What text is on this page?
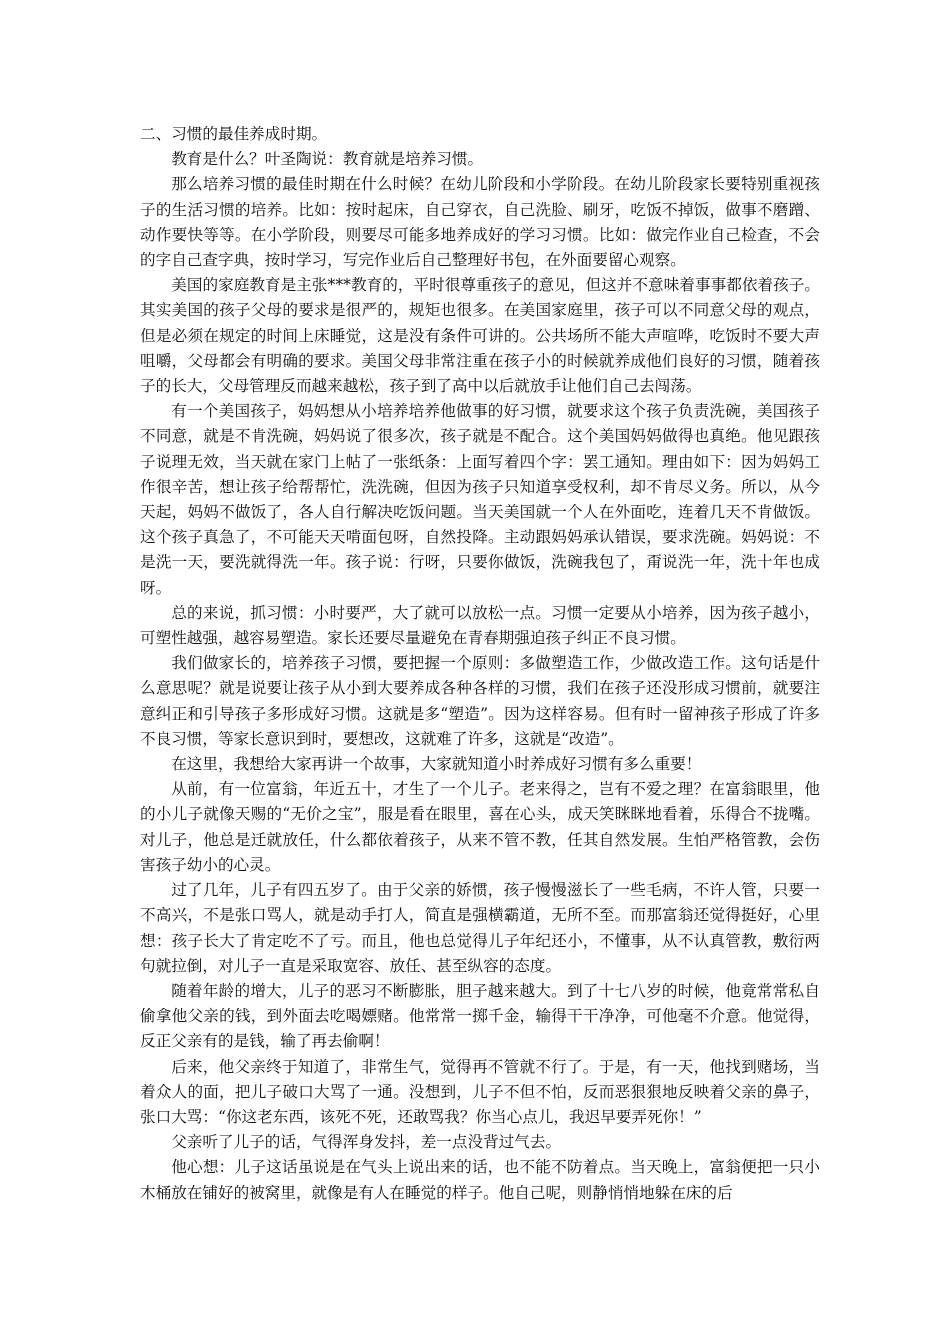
二、习惯的最佳养成时期。

教育是什么？叶圣陶说：教育就是培养习惯。

那么培养习惯的最佳时期在什么时候？在幼儿阶段和小学阶段。在幼儿阶段家长要特别重视孩子的生活习惯的培养。比如：按时起床，自己穿衣，自己洗脸、刷牙，吃饭不掉饭，做事不磨蹭、动作要快等等。在小学阶段，则要尽可能多地养成好的学习习惯。比如：做完作业自己检查，不会的字自己查字典，按时学习，写完作业后自己整理好书包，在外面要留心观察。

美国的家庭教育是主张***教育的，平时很尊重孩子的意见，但这并不意味着事事都依着孩子。其实美国的孩子父母的要求是很严的，规矩也很多。在美国家庭里，孩子可以不同意父母的观点，但是必须在规定的时间上床睡觉，这是没有条件可讲的。公共场所不能大声喧哗，吃饭时不要大声咀嚼，父母都会有明确的要求。美国父母非常注重在孩子小的时候就养成他们良好的习惯，随着孩子的长大，父母管理反而越来越松，孩子到了高中以后就放手让他们自己去闯荡。

有一个美国孩子，妈妈想从小培养培养他做事的好习惯，就要求这个孩子负责洗碗，美国孩子不同意，就是不肯洗碗，妈妈说了很多次，孩子就是不配合。这个美国妈妈做得也真绝。他见跟孩子说理无效，当天就在家门上帖了一张纸条：上面写着四个字：罢工通知。理由如下：因为妈妈工作很辛苦，想让孩子给帮帮忙，洗洗碗，但因为孩子只知道享受权利，却不肯尽义务。所以，从今天起，妈妈不做饭了，各人自行解决吃饭问题。当天美国就一个人在外面吃，连着几天不肯做饭。这个孩子真急了，不可能天天啃面包呀，自然投降。主动跟妈妈承认错误，要求洗碗。妈妈说：不是洗一天，要洗就得洗一年。孩子说：行呀，只要你做饭，洗碗我包了，甭说洗一年，洗十年也成呀。

总的来说，抓习惯：小时要严，大了就可以放松一点。习惯一定要从小培养，因为孩子越小，可塑性越强，越容易塑造。家长还要尽量避免在青春期强迫孩子纠正不良习惯。

我们做家长的，培养孩子习惯，要把握一个原则：多做塑造工作，少做改造工作。这句话是什么意思呢？就是说要让孩子从小到大要养成各种各样的习惯，我们在孩子还没形成习惯前，就要注意纠正和引导孩子多形成好习惯。这就是多“塑造”。因为这样容易。但有时一留神孩子形成了许多不良习惯，等家长意识到时，要想改，这就难了许多，这就是“改造”。

在这里，我想给大家再讲一个故事，大家就知道小时养成好习惯有多么重要！

从前，有一位富翁，年近五十，才生了一个儿子。老来得之，岂有不爱之理？在富翁眼里，他的小儿子就像天赐的“无价之宝”，服是看在眼里，喜在心头，成天笑眯眯地看着，乐得合不拢嘴。对儿子，他总是迁就放任，什么都依着孩子，从来不管不教，任其自然发展。生怕严格管教，会伤害孩子幼小的心灵。

过了几年，儿子有四五岁了。由于父亲的娇惯，孩子慢慢滋长了一些毛病，不许人管，只要一不高兴，不是张口骂人，就是动手打人，简直是强横霸道，无所不至。而那富翁还觉得挺好，心里想：孩子长大了肯定吃不了亏。而且，他也总觉得儿子年纪还小，不懂事，从不认真管教，敷衍两句就拉倒，对儿子一直是采取宽容、放任、甚至纵容的态度。

随着年龄的增大，儿子的恶习不断膨胀，胆子越来越大。到了十七八岁的时候，他竟常常私自偷拿他父亲的钱，到外面去吃喝嫖赌。他常常一掷千金，输得干干净净，可他毫不介意。他觉得，反正父亲有的是钱，输了再去偷啊！

后来，他父亲终于知道了，非常生气，觉得再不管就不行了。于是，有一天，他找到赌场，当着众人的面，把儿子破口大骂了一通。没想到，儿子不但不怕，反而恶狠狠地反映着父亲的鼻子，张口大骂：“你这老东西，该死不死，还敢骂我？你当心点儿，我迟早要弄死你！”

父亲听了儿子的话，气得浑身发抖，差一点没背过气去。

他心想：儿子这话虽说是在气头上说出来的话，也不能不防着点。当天晚上，富翁便把一只小木桶放在铺好的被窝里，就像是有人在睡觉的样子。他自己呢，则静悄悄地躲在床的后
